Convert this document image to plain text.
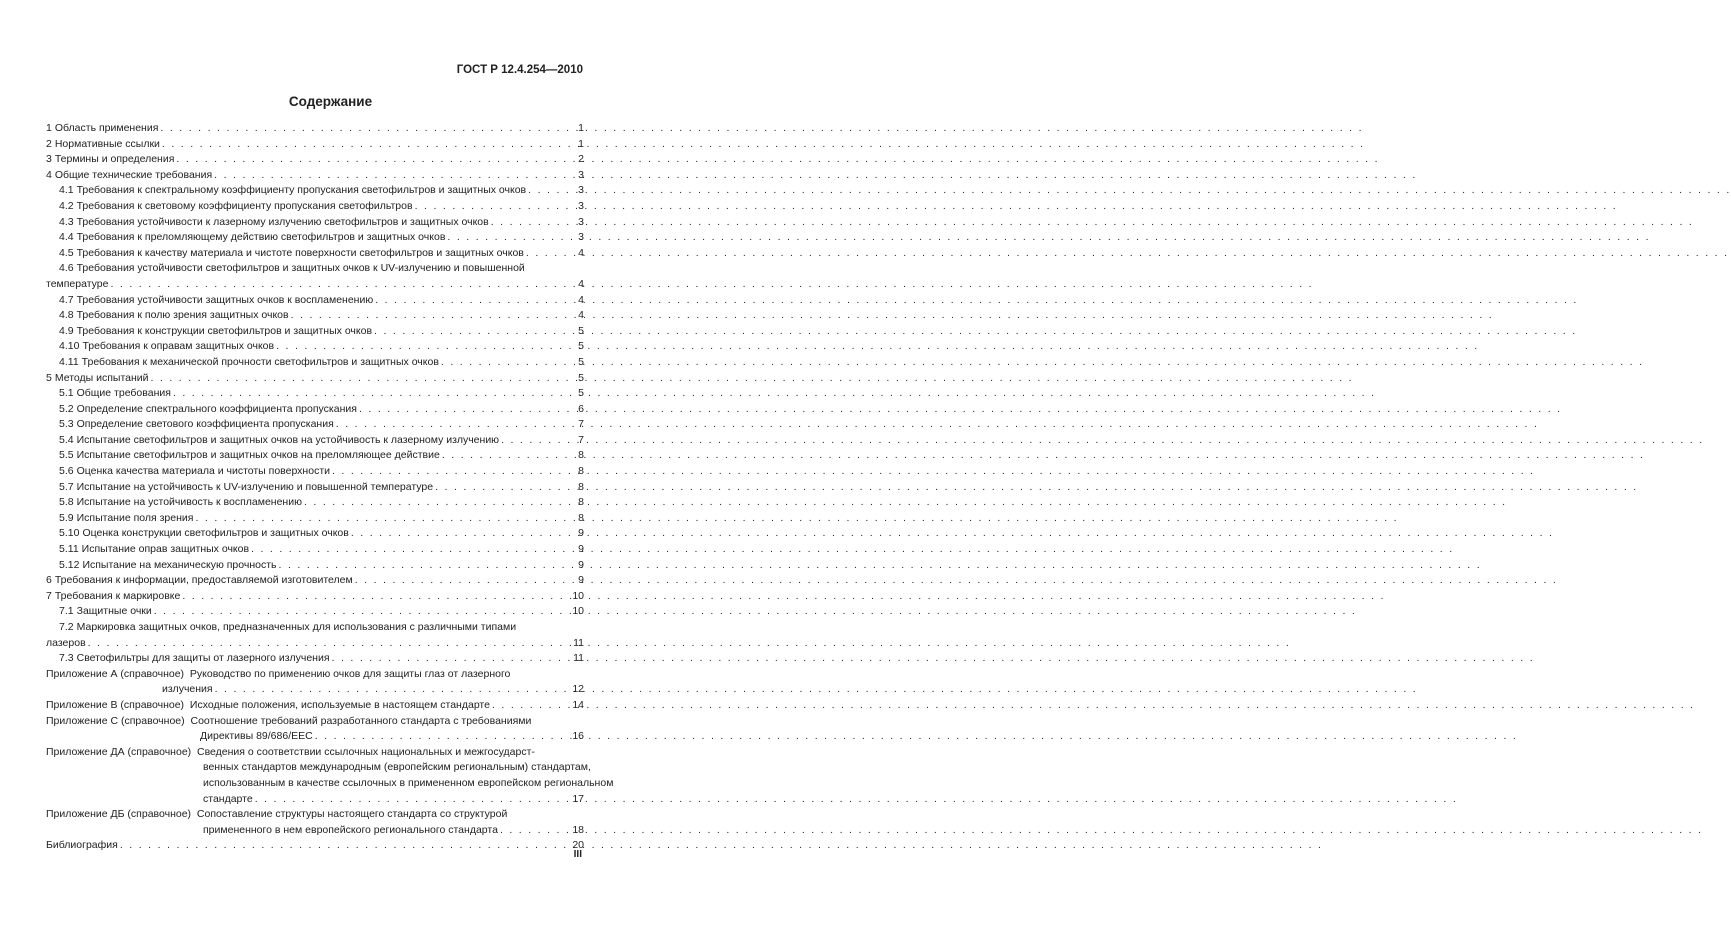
ГОСТ Р 12.4.254—2010
Содержание
1 Область применения . . .	1
2 Нормативные ссылки . . .	1
3 Термины и определения . . .	2
4 Общие технические требования . . .	3
4.1 Требования к спектральному коэффициенту пропускания светофильтров и защитных очков . . .	3
4.2 Требования к световому коэффициенту пропускания светофильтров . . .	3
4.3 Требования устойчивости к лазерному излучению светофильтров и защитных очков . . .	3
4.4 Требования к преломляющему действию светофильтров и защитных очков . . .	3
4.5 Требования к качеству материала и чистоте поверхности светофильтров и защитных очков . . .	4
4.6 Требования устойчивости светофильтров и защитных очков к UV-излучению и повышенной
температуре . . .	4
4.7 Требования устойчивости защитных очков к воспламенению . . .	4
4.8 Требования к полю зрения защитных очков . . .	4
4.9 Требования к конструкции светофильтров и защитных очков . . .	5
4.10 Требования к оправам защитных очков . . .	5
4.11 Требования к механической прочности светофильтров и защитных очков . . .	5
5 Методы испытаний . . .	5
5.1 Общие требования . . .	5
5.2 Определение спектрального коэффициента пропускания . . .	6
5.3 Определение светового коэффициента пропускания . . .	7
5.4 Испытание светофильтров и защитных очков на устойчивость к лазерному излучению . . .	7
5.5 Испытание светофильтров и защитных очков на преломляющее действие . . .	8
5.6 Оценка качества материала и чистоты поверхности . . .	8
5.7 Испытание на устойчивость к UV-излучению и повышенной температуре . . .	8
5.8 Испытание на устойчивость к воспламенению . . .	8
5.9 Испытание поля зрения . . .	8
5.10 Оценка конструкции светофильтров и защитных очков . . .	9
5.11 Испытание оправ защитных очков . . .	9
5.12 Испытание на механическую прочность . . .	9
6 Требования к информации, предоставляемой изготовителем . . .	9
7 Требования к маркировке . . .	10
7.1 Защитные очки . . .	10
7.2 Маркировка защитных очков, предназначенных для использования с различными типами
лазеров . . .	11
7.3 Светофильтры для защиты от лазерного излучения . . .	11
Приложение А (справочное) Руководство по применению очков для защиты глаз от лазерного
излучения . . .	12
Приложение В (справочное) Исходные положения, используемые в настоящем стандарте . . .	14
Приложение С (справочное) Соотношение требований разработанного стандарта с требованиями
Директивы 89/686/EEC . . .	16
Приложение ДА (справочное) Сведения о соответствии ссылочных национальных и межгосударст-
венных стандартов международным (европейским региональным) стандартам,
использованным в качестве ссылочных в примененном европейском региональном
стандарте . . .	17
Приложение ДБ (справочное) Сопоставление структуры настоящего стандарта со структурой
примененного в нем европейского регионального стандарта . . .	18
Библиография . . .	20
III
